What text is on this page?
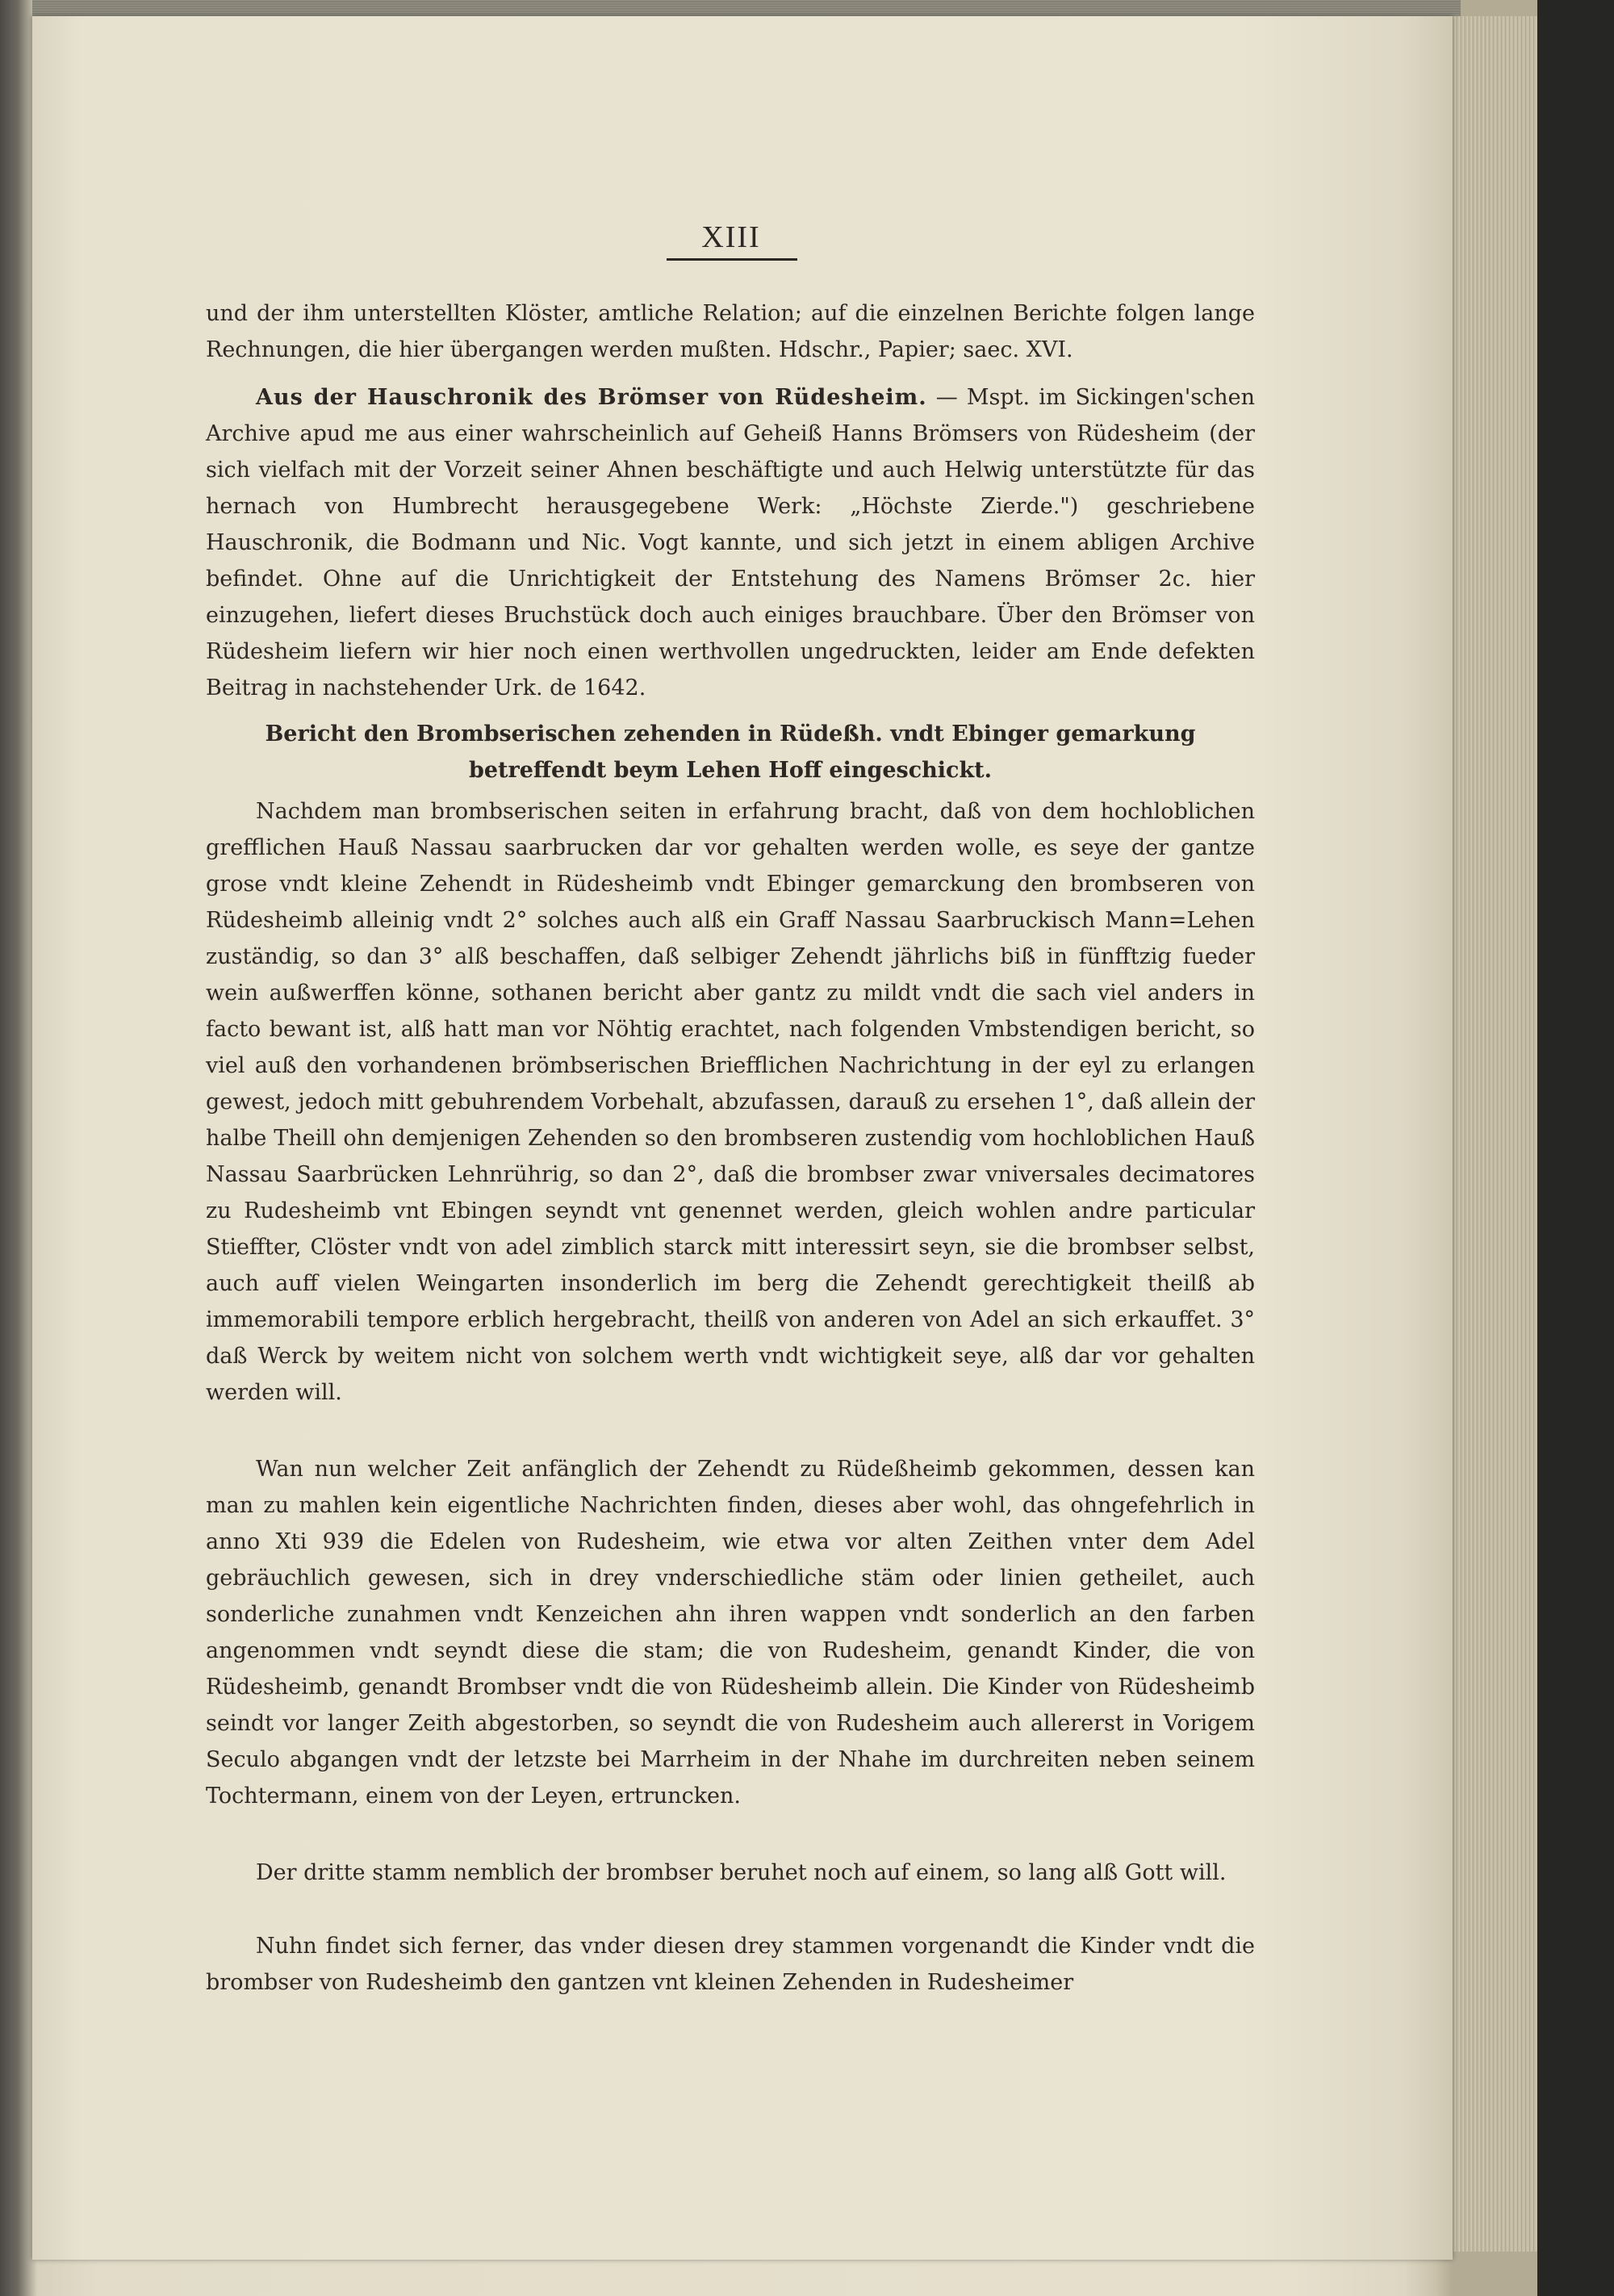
XIII

und der ihm unterstellten Klöster, amtliche Relation; auf die einzelnen Berichte folgen lange Rechnungen, die hier übergangen werden mußten. Hdschr., Papier; saec. XVI.

Aus der Hauschronik des Brömser von Rüdesheim. — Mspt. im Sickingen'schen Archive apud me aus einer wahrscheinlich auf Geheiß Hanns Brömsers von Rüdesheim (der sich vielfach mit der Vorzeit seiner Ahnen beschäftigte und auch Helwig unterstützte für das hernach von Humbrecht herausgegebene Werk: „Höchste Zierde.") geschriebene Hauschronik, die Bodmann und Nic. Vogt kannte, und sich jetzt in einem abligen Archive befindet. Ohne auf die Unrichtigkeit der Entstehung des Namens Brömser 2c. hier einzugehen, liefert dieses Bruchstück doch auch einiges brauchbare. Über den Brömser von Rüdesheim liefern wir hier noch einen werthvollen ungedruckten, leider am Ende defekten Beitrag in nachstehender Urk. de 1642.

Bericht den Brombserischen zehenden in Rüdeßh. vndt Ebinger gemarkung betreffendt beym Lehen Hoff eingeschickt.

Nachdem man brombserischen seiten in erfahrung bracht, daß von dem hochloblichen grefflichen Hauß Nassau saarbrucken dar vor gehalten werden wolle, es seye der gantze grose vndt kleine Zehendt in Rüdesheimb vndt Ebinger gemarckung den brombseren von Rüdesheimb alleinig vndt 2° solches auch alß ein Graff Nassau Saarbruckisch Mann=Lehen zuständig, so dan 3° alß beschaffen, daß selbiger Zehendt jährlichs biß in fünfftzig fueder wein außwerffen könne, sothanen bericht aber gantz zu mildt vndt die sach viel anders in facto bewant ist, alß hatt man vor Nöhtig erachtet, nach folgenden Vmbstendigen bericht, so viel auß den vorhandenen brömbserischen Briefflichen Nachrichtung in der eyl zu erlangen gewest, jedoch mitt gebuhrendem Vorbehalt, abzufassen, darauß zu ersehen 1°, daß allein der halbe Theill ohn demjenigen Zehenden so den brombseren zustendig vom hochloblichen Hauß Nassau Saarbrücken Lehnrührig, so dan 2°, daß die brombser zwar vniversales decimatores zu Rudesheimb vnt Ebingen seyndt vnt genennet werden, gleich wohlen andre particular Stieffter, Clöster vndt von adel zimblich starck mitt interessirt seyn, sie die brombser selbst, auch auff vielen Weingarten insonderlich im berg die Zehendt gerechtigkeit theilß ab immemorabili tempore erblich hergebracht, theilß von anderen von Adel an sich erkauffet. 3° daß Werck by weitem nicht von solchem werth vndt wichtigkeit seye, alß dar vor gehalten werden will.

Wan nun welcher Zeit anfänglich der Zehendt zu Rüdeßheimb gekommen, dessen kan man zu mahlen kein eigentliche Nachrichten finden, dieses aber wohl, das ohngefehrlich in anno Xti 939 die Edelen von Rudesheim, wie etwa vor alten Zeithen vnter dem Adel gebräuchlich gewesen, sich in drey vnderschiedliche stäm oder linien getheilet, auch sonderliche zunahmen vndt Kenzeichen ahn ihren wappen vndt sonderlich an den farben angenommen vndt seyndt diese die stam; die von Rudesheim, genandt Kinder, die von Rüdesheimb, genandt Brombser vndt die von Rüdesheimb allein. Die Kinder von Rüdesheimb seindt vor langer Zeith abgestorben, so seyndt die von Rudesheim auch allererst in Vorigem Seculo abgangen vndt der letzste bei Marrheim in der Nhahe im durchreiten neben seinem Tochtermann, einem von der Leyen, ertruncken.

Der dritte stamm nemblich der brombser beruhet noch auf einem, so lang alß Gott will.

Nuhn findet sich ferner, das vnder diesen drey stammen vorgenandt die Kinder vndt die brombser von Rudesheimb den gantzen vnt kleinen Zehenden in Rudesheimer
